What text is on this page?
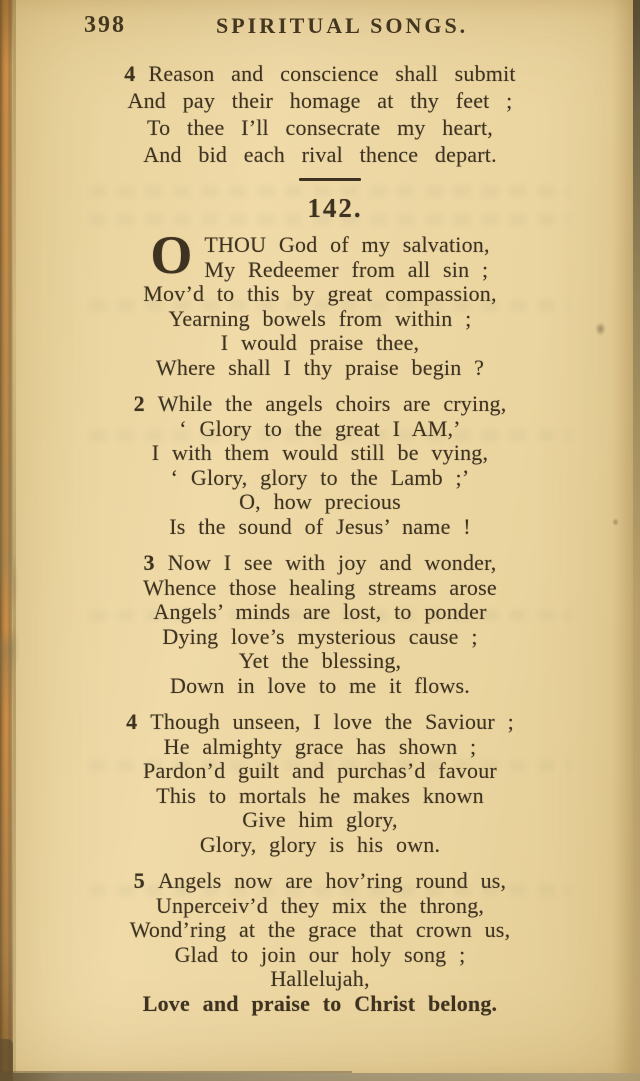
398	SPIRITUAL SONGS.
4 Reason and conscience shall submit
And pay their homage at thy feet ;
To thee I’ll consecrate my heart,
And bid each rival thence depart.
142.
O THOU God of my salvation,
My Redeemer from all sin ;
Mov’d to this by great compassion,
Yearning bowels from within ;
I would praise thee,
Where shall I thy praise begin ?
2 While the angels choirs are crying,
‘ Glory to the great I AM,’
I with them would still be vying,
‘ Glory, glory to the Lamb ;’
O, how precious
Is the sound of Jesus’ name !
3 Now I see with joy and wonder,
Whence those healing streams arose
Angels’ minds are lost, to ponder
Dying love’s mysterious cause ;
Yet the blessing,
Down in love to me it flows.
4 Though unseen, I love the Saviour ;
He almighty grace has shown ;
Pardon’d guilt and purchas’d favour
This to mortals he makes known
Give him glory,
Glory, glory is his own.
5 Angels now are hov’ring round us,
Unperceiv’d they mix the throng,
Wond’ring at the grace that crown us,
Glad to join our holy song ;
Hallelujah,
Love and praise to Christ belong.
